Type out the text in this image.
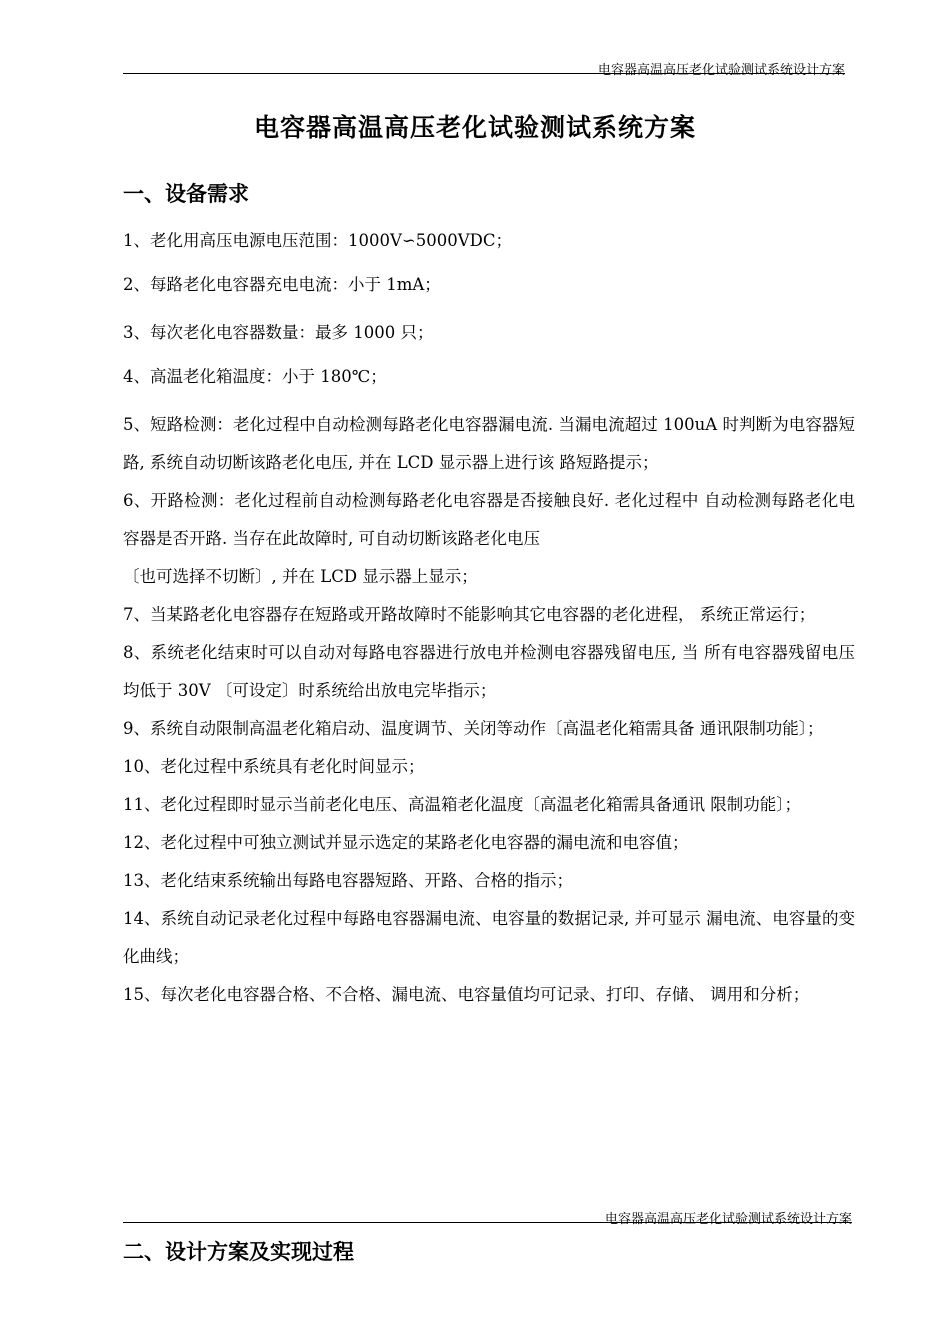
电容器高温高压老化试验测试系统设计方案
电容器高温高压老化试验测试系统方案
一、设备需求

1、老化用高压电源电压范围：1000V∽5000VDC；

2、每路老化电容器充电电流：小于 1mA；

3、每次老化电容器数量：最多 1000 只；

4、高温老化箱温度：小于 180℃；

5、短路检测：老化过程中自动检测每路老化电容器漏电流. 当漏电流超过 100uA 时判断为电容器短路, 系统自动切断该路老化电压, 并在 LCD 显示器上进行该 路短路提示；

6、开路检测：老化过程前自动检测每路老化电容器是否接触良好. 老化过程中 自动检测每路老化电容器是否开路. 当存在此故障时, 可自动切断该路老化电压

〔也可选择不切断〕, 并在 LCD 显示器上显示；

7、当某路老化电容器存在短路或开路故障时不能影响其它电容器的老化进程， 系统正常运行；

8、系统老化结束时可以自动对每路电容器进行放电并检测电容器残留电压, 当 所有电容器残留电压均低于 30V 〔可设定〕时系统给出放电完毕指示；

9、系统自动限制高温老化箱启动、温度调节、关闭等动作〔高温老化箱需具备 通讯限制功能〕；

10、老化过程中系统具有老化时间显示；

11、老化过程即时显示当前老化电压、高温箱老化温度〔高温老化箱需具备通讯 限制功能〕；

12、老化过程中可独立测试并显示选定的某路老化电容器的漏电流和电容值；

13、老化结束系统输出每路电容器短路、开路、合格的指示；

14、系统自动记录老化过程中每路电容器漏电流、电容量的数据记录, 并可显示 漏电流、电容量的变化曲线；

15、每次老化电容器合格、不合格、漏电流、电容量值均可记录、打印、存储、 调用和分析；

电容器高温高压老化试验测试系统设计方案
二、设计方案及实现过程
